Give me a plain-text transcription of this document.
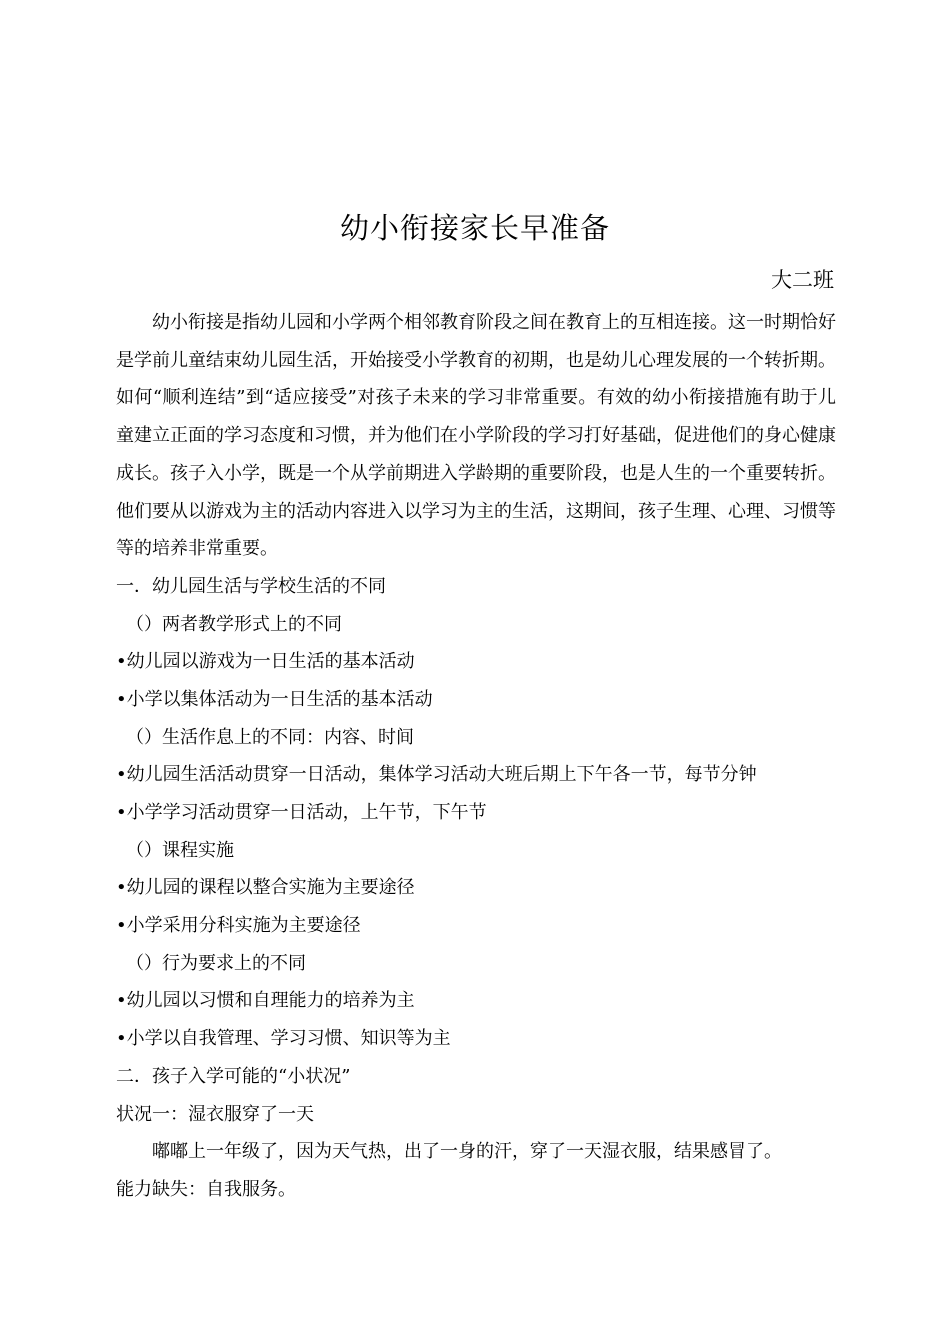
幼小衔接家长早准备
大二班

幼小衔接是指幼儿园和小学两个相邻教育阶段之间在教育上的互相连接。这一时期恰好是学前儿童结束幼儿园生活，开始接受小学教育的初期，也是幼儿心理发展的一个转折期。如何“顺利连结”到“适应接受”对孩子未来的学习非常重要。有效的幼小衔接措施有助于儿童建立正面的学习态度和习惯，并为他们在小学阶段的学习打好基础，促进他们的身心健康成长。孩子入小学，既是一个从学前期进入学龄期的重要阶段，也是人生的一个重要转折。他们要从以游戏为主的活动内容进入以学习为主的生活，这期间，孩子生理、心理、习惯等等的培养非常重要。

一．幼儿园生活与学校生活的不同
（）两者教学形式上的不同
•幼儿园以游戏为一日生活的基本活动
•小学以集体活动为一日生活的基本活动
（）生活作息上的不同：内容、时间
•幼儿园生活活动贯穿一日活动，集体学习活动大班后期上下午各一节，每节分钟
•小学学习活动贯穿一日活动，上午节，下午节
（）课程实施
•幼儿园的课程以整合实施为主要途径
•小学采用分科实施为主要途径
（）行为要求上的不同
•幼儿园以习惯和自理能力的培养为主
•小学以自我管理、学习习惯、知识等为主
二．孩子入学可能的“小状况”
状况一：湿衣服穿了一天

嘟嘟上一年级了，因为天气热，出了一身的汗，穿了一天湿衣服，结果感冒了。

能力缺失：自我服务。
